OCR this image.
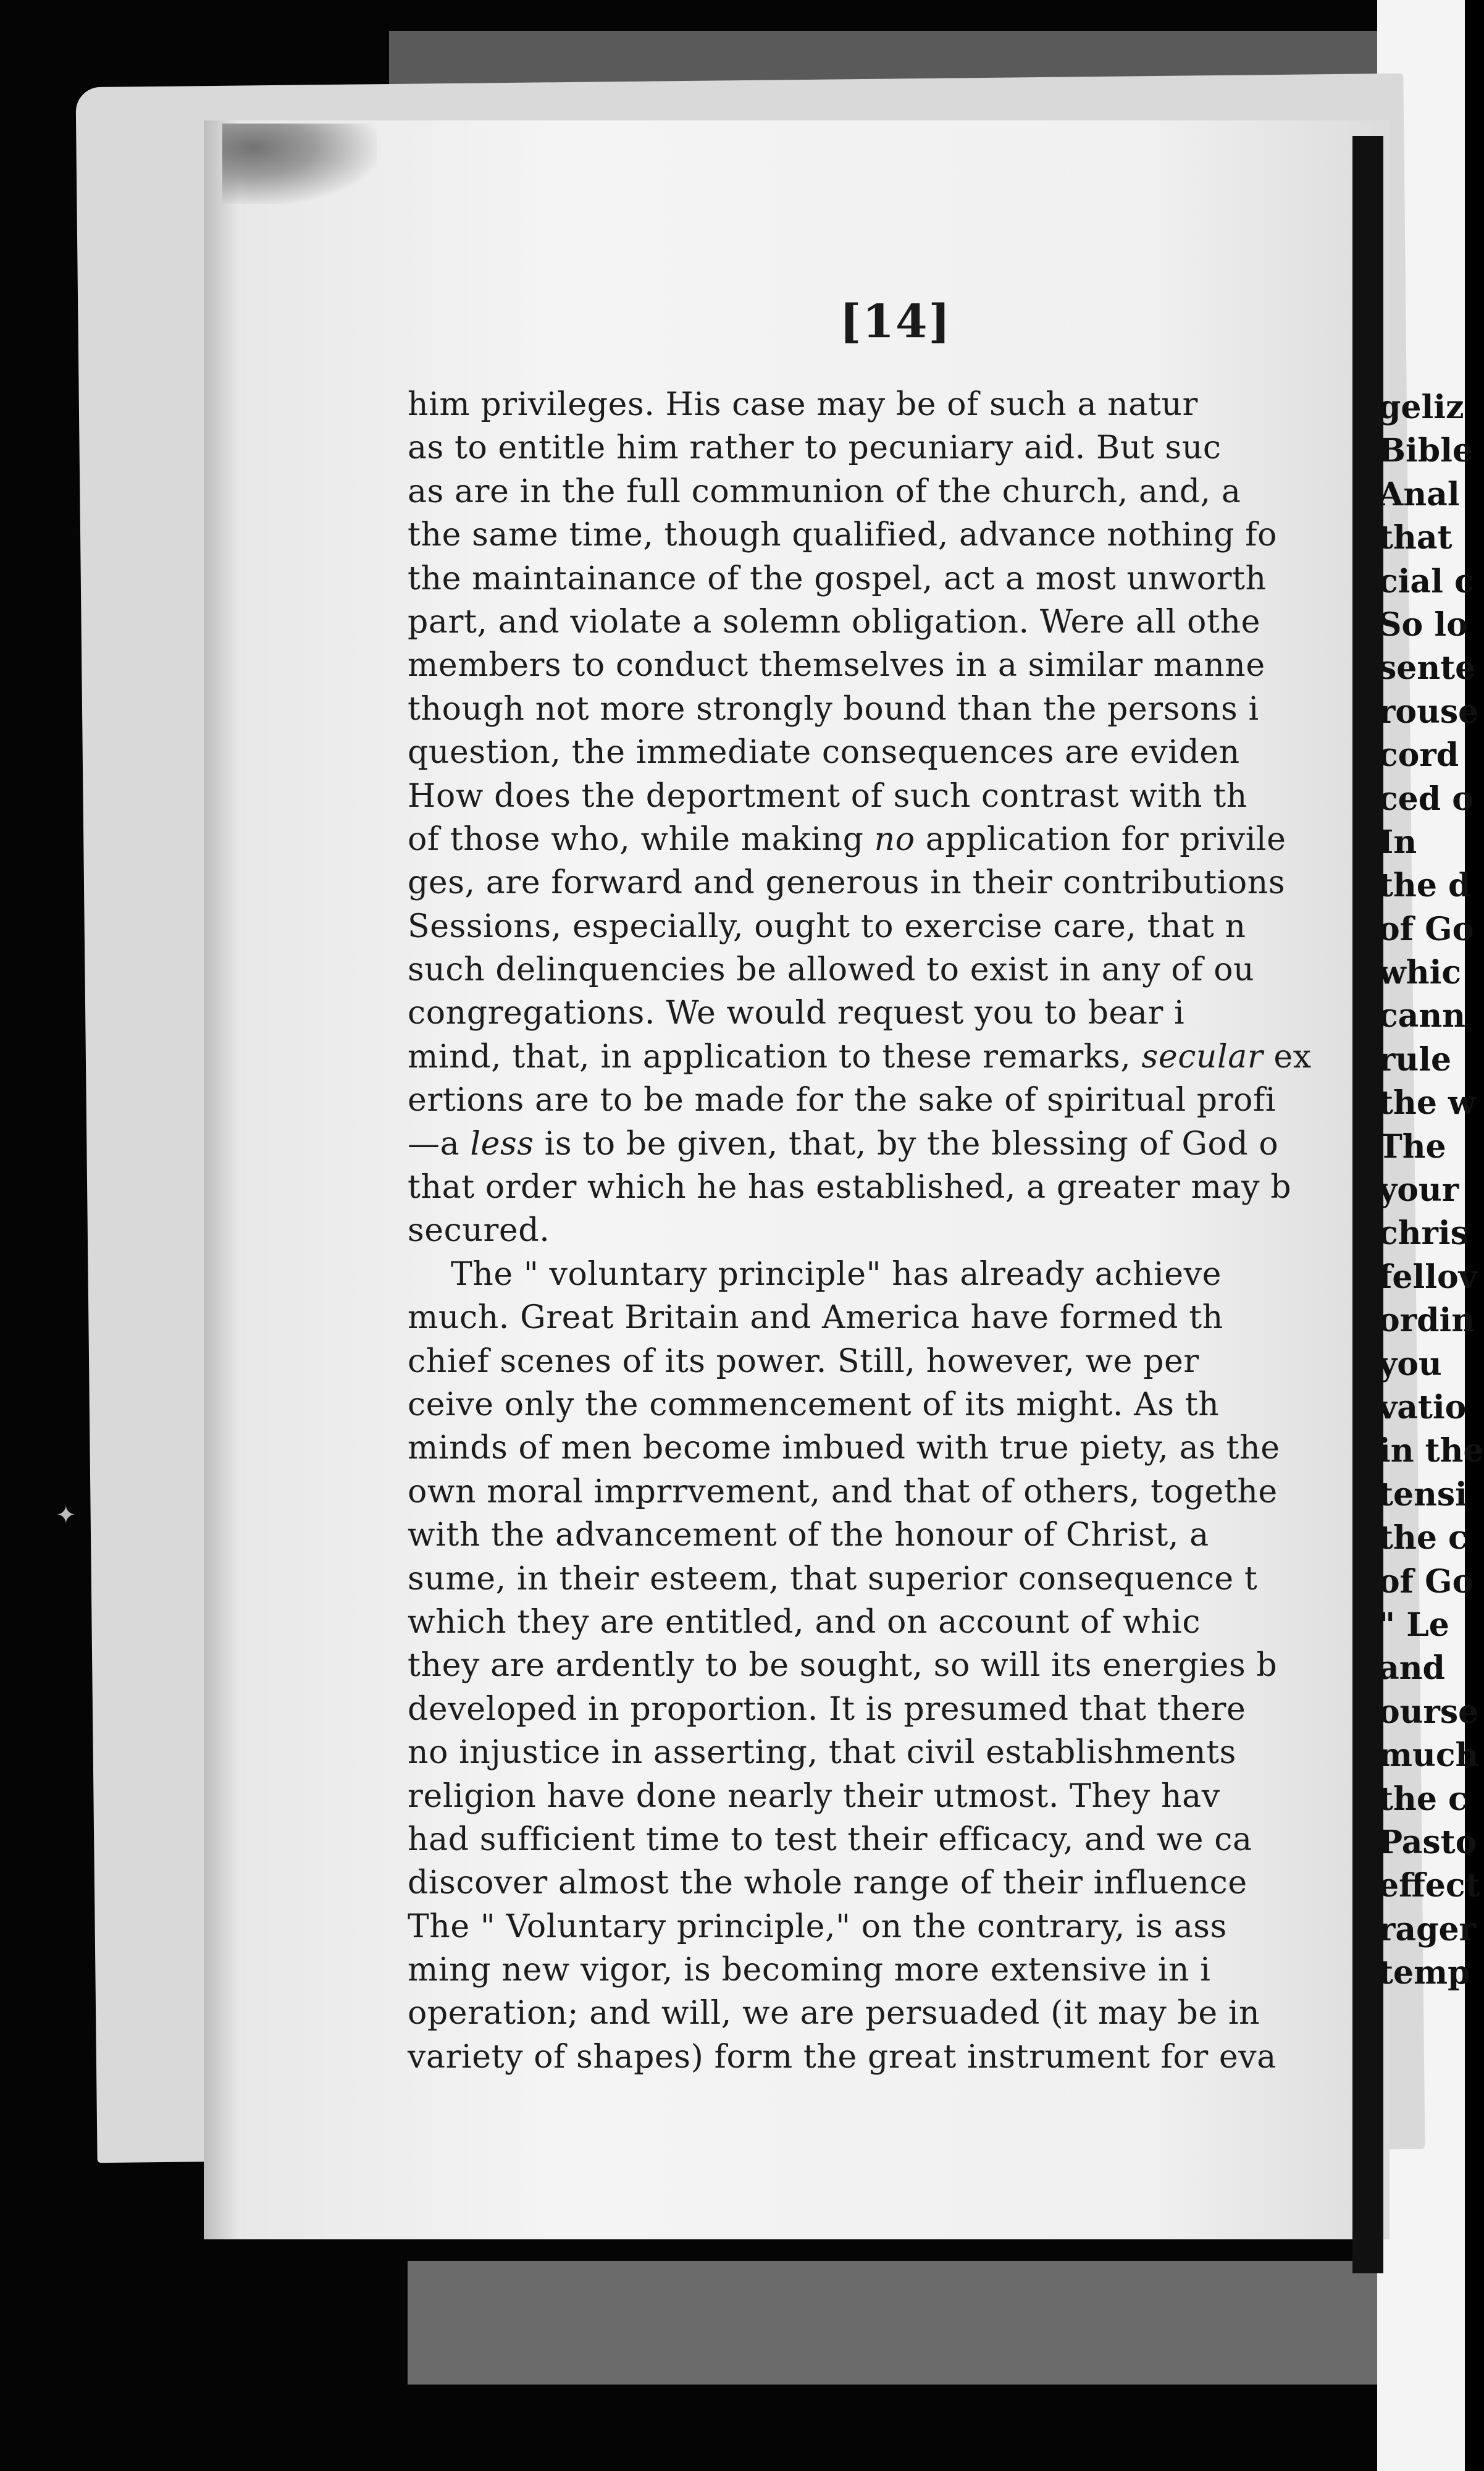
[14]

him privileges. His case may be of such a natur

as to entitle him rather to pecuniary aid. But suc

as are in the full communion of the church, and, a

the same time, though qualified, advance nothing fo

the maintainance of the gospel, act a most unworth

part, and violate a solemn obligation. Were all othe

members to conduct themselves in a similar manne

though not more strongly bound than the persons i

question, the immediate consequences are eviden

How does the deportment of such contrast with th

of those who, while making no application for privile

ges, are forward and generous in their contributions

Sessions, especially, ought to exercise care, that n

such delinquencies be allowed to exist in any of ou

congregations. We would request you to bear i

mind, that, in application to these remarks, secular ex

ertions are to be made for the sake of spiritual profi

—a less is to be given, that, by the blessing of God o

that order which he has established, a greater may b

secured.

The " voluntary principle" has already achieve

much. Great Britain and America have formed th

chief scenes of its power. Still, however, we per

ceive only the commencement of its might. As th

minds of men become imbued with true piety, as the

own moral imprrvement, and that of others, togethe

with the advancement of the honour of Christ, a

sume, in their esteem, that superior consequence t

which they are entitled, and on account of whic

they are ardently to be sought, so will its energies b

developed in proportion. It is presumed that there

no injustice in asserting, that civil establishments

religion have done nearly their utmost. They hav

had sufficient time to test their efficacy, and we ca

discover almost the whole range of their influence

The " Voluntary principle," on the contrary, is ass

ming new vigor, is becoming more extensive in i

operation; and will, we are persuaded (it may be in

variety of shapes) form the great instrument for eva

geliz

Bible

Anal

that

cial c

So lo

sente

rouse

cord

ced o

In

the d

of Go

whic

cann

rule

the w

The

your

chris

fellov

ordin

you

vatio

in the

tensi

the c

of Go

" Le

and

ourse

much

the c

Pasto

effect

rager

temp

✦
